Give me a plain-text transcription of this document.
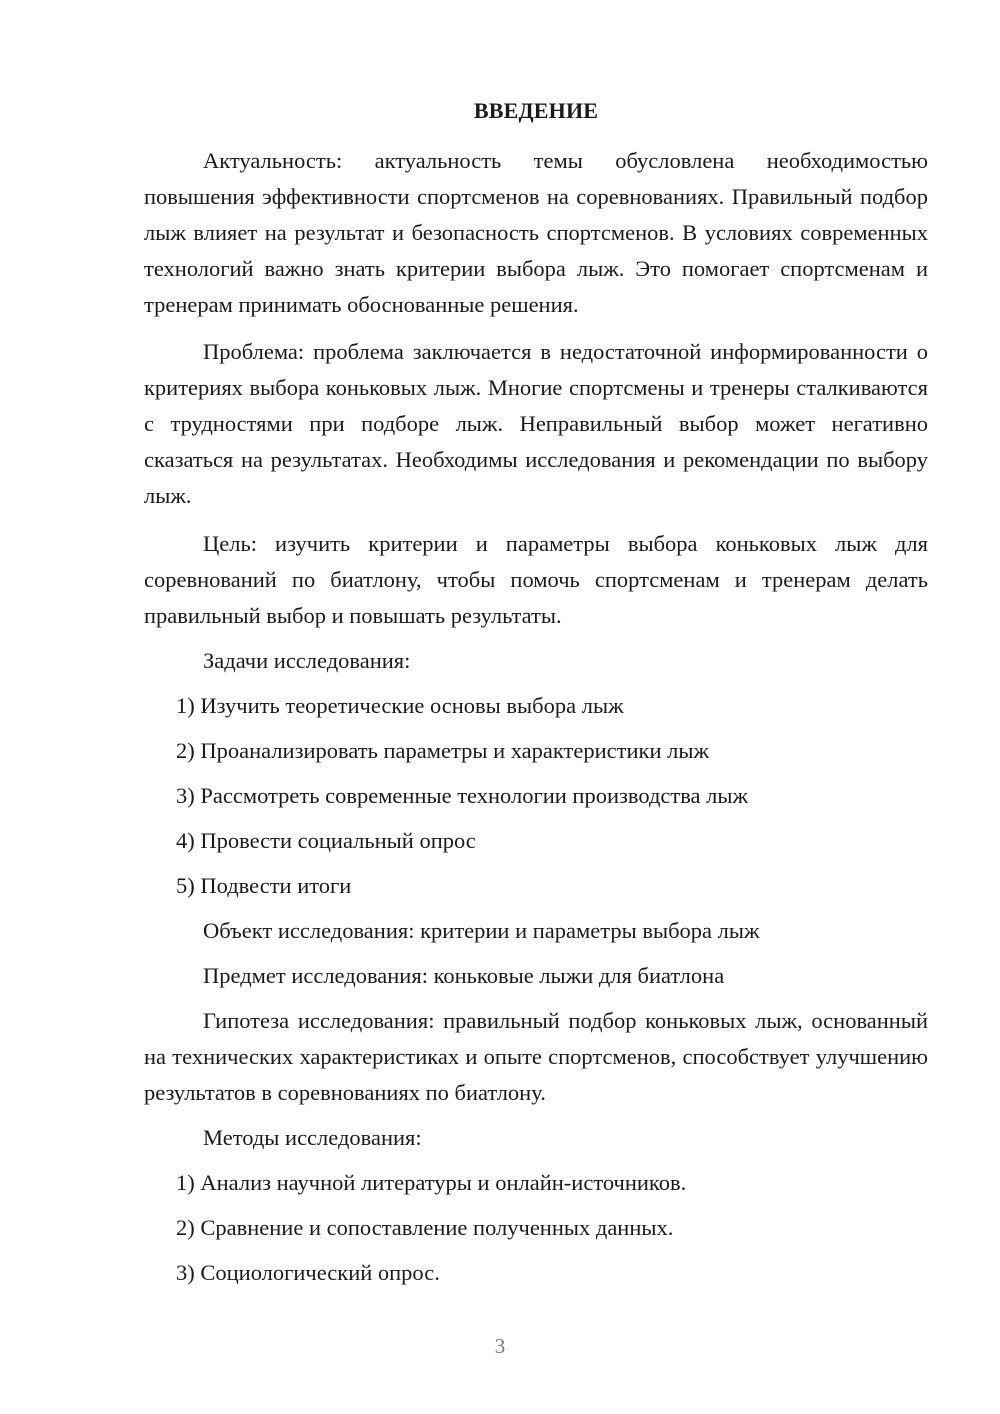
ВВЕДЕНИЕ

Актуальность: актуальность темы обусловлена необходимостью повышения эффективности спортсменов на соревнованиях. Правильный подбор лыж влияет на результат и безопасность спортсменов. В условиях современных технологий важно знать критерии выбора лыж. Это помогает спортсменам и тренерам принимать обоснованные решения.

Проблема: проблема заключается в недостаточной информированности о критериях выбора коньковых лыж. Многие спортсмены и тренеры сталкиваются с трудностями при подборе лыж. Неправильный выбор может негативно сказаться на результатах. Необходимы исследования и рекомендации по выбору лыж.

Цель: изучить критерии и параметры выбора коньковых лыж для соревнований по биатлону, чтобы помочь спортсменам и тренерам делать правильный выбор и повышать результаты.

Задачи исследования:

1) Изучить теоретические основы выбора лыж

2) Проанализировать параметры и характеристики лыж

3) Рассмотреть современные технологии производства лыж

4) Провести социальный опрос

5) Подвести итоги

Объект исследования: критерии и параметры выбора лыж

Предмет исследования: коньковые лыжи для биатлона

Гипотеза исследования: правильный подбор коньковых лыж, основанный на технических характеристиках и опыте спортсменов, способствует улучшению результатов в соревнованиях по биатлону.

Методы исследования:

1) Анализ научной литературы и онлайн-источников.

2) Сравнение и сопоставление полученных данных.

3) Социологический опрос.

3
